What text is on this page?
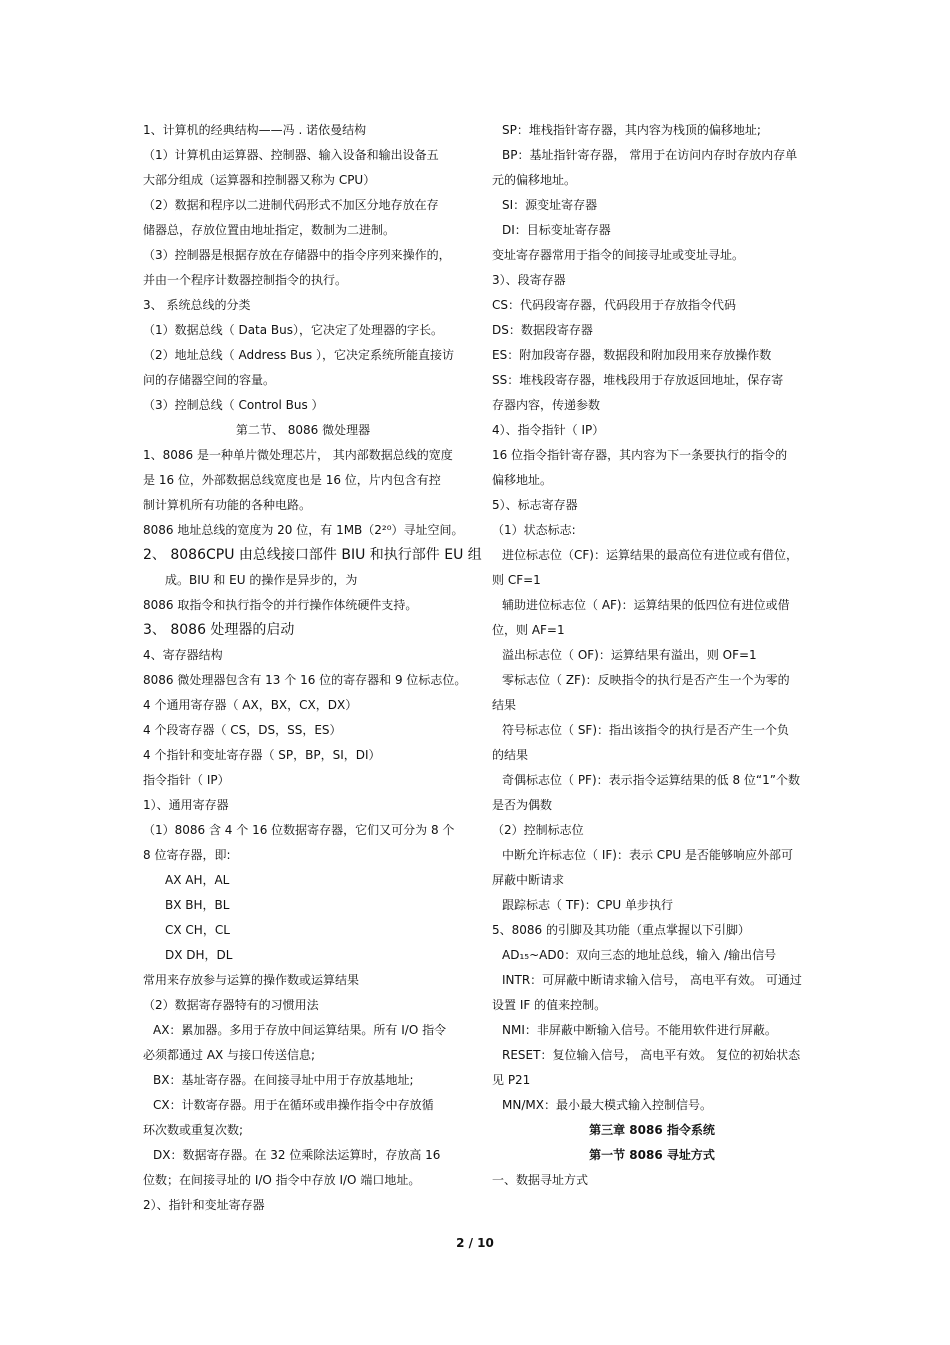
1、计算机的经典结构——冯 . 诺依曼结构
（1）计算机由运算器、控制器、输入设备和输出设备五
大部分组成（运算器和控制器又称为 CPU）
（2）数据和程序以二进制代码形式不加区分地存放在存
储器总，存放位置由地址指定，数制为二进制。
（3）控制器是根据存放在存储器中的指令序列来操作的，
并由一个程序计数器控制指令的执行。
3、 系统总线的分类
（1）数据总线（ Data Bus），它决定了处理器的字长。
（2）地址总线（ Address Bus ），它决定系统所能直接访
问的存储器空间的容量。
（3）控制总线（ Control Bus ）
第二节、 8086 微处理器
1、8086 是一种单片微处理芯片， 其内部数据总线的宽度
是 16 位，外部数据总线宽度也是 16 位，片内包含有控
制计算机所有功能的各种电路。
8086 地址总线的宽度为 20 位，有 1MB（2²⁰）寻址空间。
2、 8086CPU 由总线接口部件 BIU 和执行部件 EU 组
成。BIU 和 EU 的操作是异步的，为
8086 取指令和执行指令的并行操作体统硬件支持。
3、 8086 处理器的启动
4、寄存器结构
8086 微处理器包含有 13 个 16 位的寄存器和 9 位标志位。
4 个通用寄存器（ AX，BX，CX，DX）
4 个段寄存器（ CS，DS，SS，ES）
4 个指针和变址寄存器（ SP，BP，SI，DI）
指令指针（ IP）
1）、通用寄存器
（1）8086 含 4 个 16 位数据寄存器，它们又可分为 8 个
8 位寄存器，即:
AX AH，AL
BX BH，BL
CX CH，CL
DX DH，DL
常用来存放参与运算的操作数或运算结果
（2）数据寄存器特有的习惯用法
AX：累加器。多用于存放中间运算结果。所有 I/O 指令
必须都通过 AX 与接口传送信息;
BX：基址寄存器。在间接寻址中用于存放基地址;
CX：计数寄存器。用于在循环或串操作指令中存放循
环次数或重复次数;
DX：数据寄存器。在 32 位乘除法运算时，存放高 16
位数；在间接寻址的 I/O 指令中存放 I/O 端口地址。
2）、指针和变址寄存器
SP：堆栈指针寄存器，其内容为栈顶的偏移地址;
BP：基址指针寄存器， 常用于在访问内存时存放内存单
元的偏移地址。
SI：源变址寄存器
DI：目标变址寄存器
变址寄存器常用于指令的间接寻址或变址寻址。
3）、段寄存器
CS：代码段寄存器，代码段用于存放指令代码
DS：数据段寄存器
ES：附加段寄存器，数据段和附加段用来存放操作数
SS：堆栈段寄存器，堆栈段用于存放返回地址，保存寄
存器内容，传递参数
4）、指令指针（ IP）
16 位指令指针寄存器，其内容为下一条要执行的指令的
偏移地址。
5）、标志寄存器
（1）状态标志:
进位标志位（CF)：运算结果的最高位有进位或有借位，
则 CF=1
辅助进位标志位（ AF)：运算结果的低四位有进位或借
位，则 AF=1
溢出标志位（ OF)：运算结果有溢出，则 OF=1
零标志位（ ZF)：反映指令的执行是否产生一个为零的
结果
符号标志位（ SF)：指出该指令的执行是否产生一个负
的结果
奇偶标志位（ PF)：表示指令运算结果的低 8 位“1”个数
是否为偶数
（2）控制标志位
中断允许标志位（ IF)：表示 CPU 是否能够响应外部可
屏蔽中断请求
跟踪标志（ TF)：CPU 单步执行
5、8086 的引脚及其功能（重点掌握以下引脚）
AD₁₅~AD0：双向三态的地址总线，输入 /输出信号
INTR：可屏蔽中断请求输入信号， 高电平有效。 可通过
设置 IF 的值来控制。
NMI：非屏蔽中断输入信号。不能用软件进行屏蔽。
RESET：复位输入信号， 高电平有效。 复位的初始状态
见 P21
MN/MX：最小最大模式输入控制信号。
第三章 8086 指令系统
第一节 8086 寻址方式
一、数据寻址方式
2 / 10
